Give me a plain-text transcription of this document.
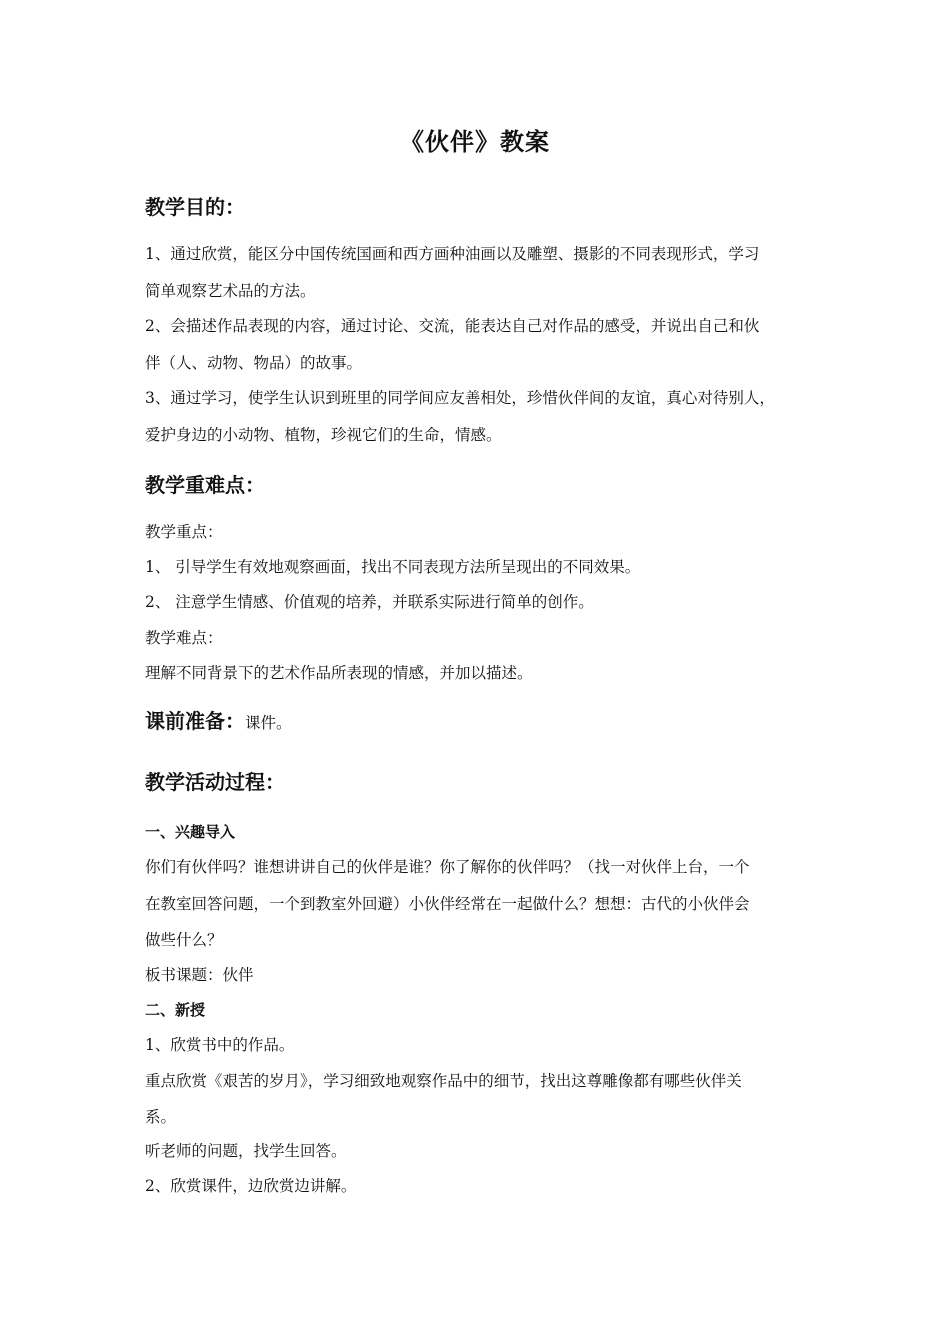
《伙伴》教案
教学目的：
1、通过欣赏，能区分中国传统国画和西方画种油画以及雕塑、摄影的不同表现形式，学习
简单观察艺术品的方法。
2、会描述作品表现的内容，通过讨论、交流，能表达自己对作品的感受，并说出自己和伙
伴（人、动物、物品）的故事。
3、通过学习，使学生认识到班里的同学间应友善相处，珍惜伙伴间的友谊，真心对待别人，
爱护身边的小动物、植物，珍视它们的生命，情感。
教学重难点：
教学重点：
1、 引导学生有效地观察画面，找出不同表现方法所呈现出的不同效果。
2、 注意学生情感、价值观的培养，并联系实际进行简单的创作。
教学难点：
理解不同背景下的艺术作品所表现的情感，并加以描述。
课前准备：课件。
教学活动过程：
一、兴趣导入
你们有伙伴吗？谁想讲讲自己的伙伴是谁？你了解你的伙伴吗？（找一对伙伴上台，一个
在教室回答问题，一个到教室外回避）小伙伴经常在一起做什么？想想：古代的小伙伴会
做些什么？
板书课题：伙伴
二、新授
1、欣赏书中的作品。
重点欣赏《艰苦的岁月》，学习细致地观察作品中的细节，找出这尊雕像都有哪些伙伴关
系。
听老师的问题，找学生回答。
2、欣赏课件，边欣赏边讲解。
